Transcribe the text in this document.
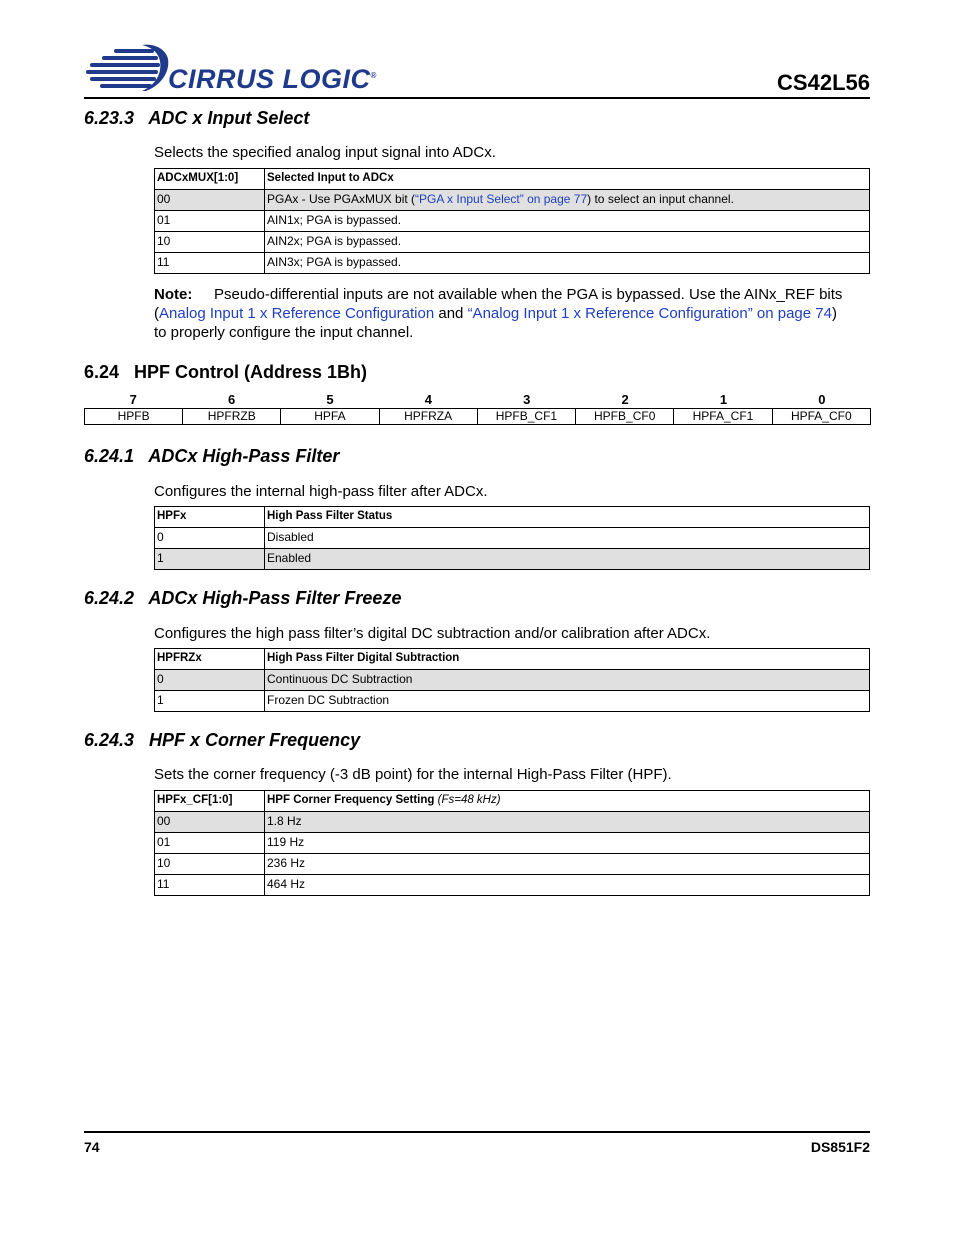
CIRRUS LOGIC®	CS42L56
6.23.3   ADC x Input Select
Selects the specified analog input signal into ADCx.
ADCxMUX[1:0]	Selected Input to ADCx
00	PGAx - Use PGAxMUX bit (“PGA x Input Select” on page 77) to select an input channel.
01	AIN1x; PGA is bypassed.
10	AIN2x; PGA is bypassed.
11	AIN3x; PGA is bypassed.
Note:	Pseudo-differential inputs are not available when the PGA is bypassed. Use the AINx_REF bits
(Analog Input 1 x Reference Configuration and “Analog Input 1 x Reference Configuration” on page 74)
to properly configure the input channel.
6.24   HPF Control (Address 1Bh)
7	6	5	4	3	2	1	0
HPFB	HPFRZB	HPFA	HPFRZA	HPFB_CF1	HPFB_CF0	HPFA_CF1	HPFA_CF0
6.24.1   ADCx High-Pass Filter
Configures the internal high-pass filter after ADCx.
HPFx	High Pass Filter Status
0	Disabled
1	Enabled
6.24.2   ADCx High-Pass Filter Freeze
Configures the high pass filter’s digital DC subtraction and/or calibration after ADCx.
HPFRZx	High Pass Filter Digital Subtraction
0	Continuous DC Subtraction
1	Frozen DC Subtraction
6.24.3   HPF x Corner Frequency
Sets the corner frequency (-3 dB point) for the internal High-Pass Filter (HPF).
HPFx_CF[1:0]	HPF Corner Frequency Setting (Fs=48 kHz)
00	1.8 Hz
01	119 Hz
10	236 Hz
11	464 Hz
74	DS851F2
